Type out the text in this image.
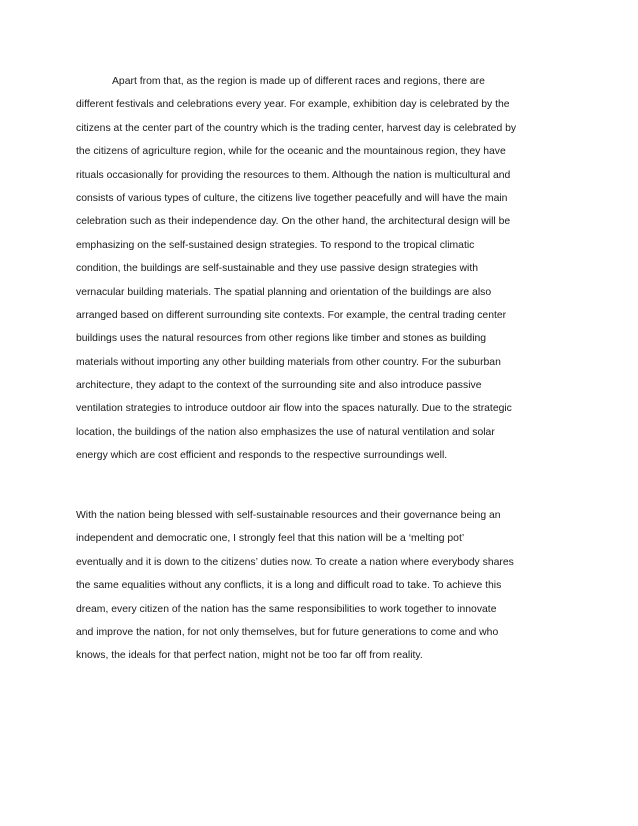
Apart from that, as the region is made up of different races and regions, there are
different festivals and celebrations every year. For example, exhibition day is celebrated by the
citizens at the center part of the country which is the trading center, harvest day is celebrated by
the citizens of agriculture region, while for the oceanic and the mountainous region, they have
rituals occasionally for providing the resources to them. Although the nation is multicultural and
consists of various types of culture, the citizens live together peacefully and will have the main
celebration such as their independence day. On the other hand, the architectural design will be
emphasizing on the self-sustained design strategies. To respond to the tropical climatic
condition, the buildings are self-sustainable and they use passive design strategies with
vernacular building materials. The spatial planning and orientation of the buildings are also
arranged based on different surrounding site contexts. For example, the central trading center
buildings uses the natural resources from other regions like timber and stones as building
materials without importing any other building materials from other country. For the suburban
architecture, they adapt to the context of the surrounding site and also introduce passive
ventilation strategies to introduce outdoor air flow into the spaces naturally. Due to the strategic
location, the buildings of the nation also emphasizes the use of natural ventilation and solar
energy which are cost efficient and responds to the respective surroundings well.
With the nation being blessed with self-sustainable resources and their governance being an
independent and democratic one, I strongly feel that this nation will be a ‘melting pot’
eventually and it is down to the citizens’ duties now. To create a nation where everybody shares
the same equalities without any conflicts, it is a long and difficult road to take. To achieve this
dream, every citizen of the nation has the same responsibilities to work together to innovate
and improve the nation, for not only themselves, but for future generations to come and who
knows, the ideals for that perfect nation, might not be too far off from reality.
